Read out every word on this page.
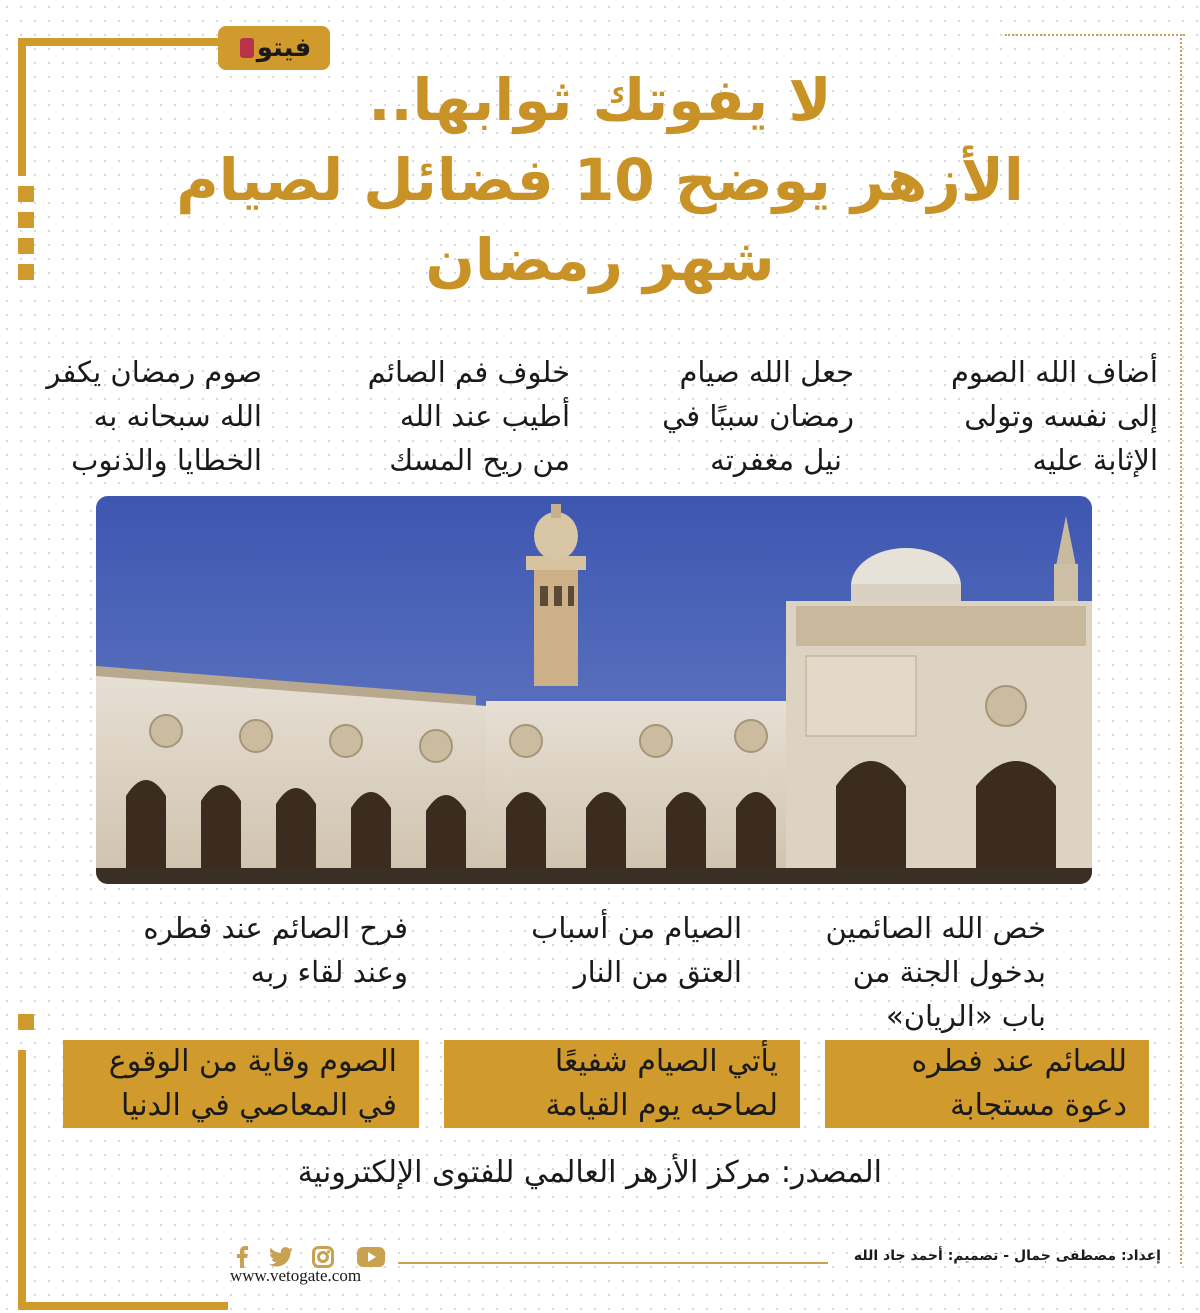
فيتو
لا يفوتك ثوابها..
الأزهر يوضح 10 فضائل لصيام
شهر رمضان
أضاف الله الصوم
إلى نفسه وتولى
الإثابة عليه
جعل الله صيام
رمضان سببًا في
نيل مغفرته
خلوف فم الصائم
أطيب عند الله
من ريح المسك
صوم رمضان يكفر
الله سبحانه به
الخطايا والذنوب
خص الله الصائمين
بدخول الجنة من
باب «الريان»
الصيام من أسباب
العتق من النار
فرح الصائم عند فطره
وعند لقاء ربه
للصائم عند فطره
دعوة مستجابة
يأتي الصيام شفيعًا
لصاحبه يوم القيامة
الصوم وقاية من الوقوع
في المعاصي في الدنيا
المصدر: مركز الأزهر العالمي للفتوى الإلكترونية
www.vetogate.com
إعداد: مصطفى جمال - تصميم: أحمد جاد الله
